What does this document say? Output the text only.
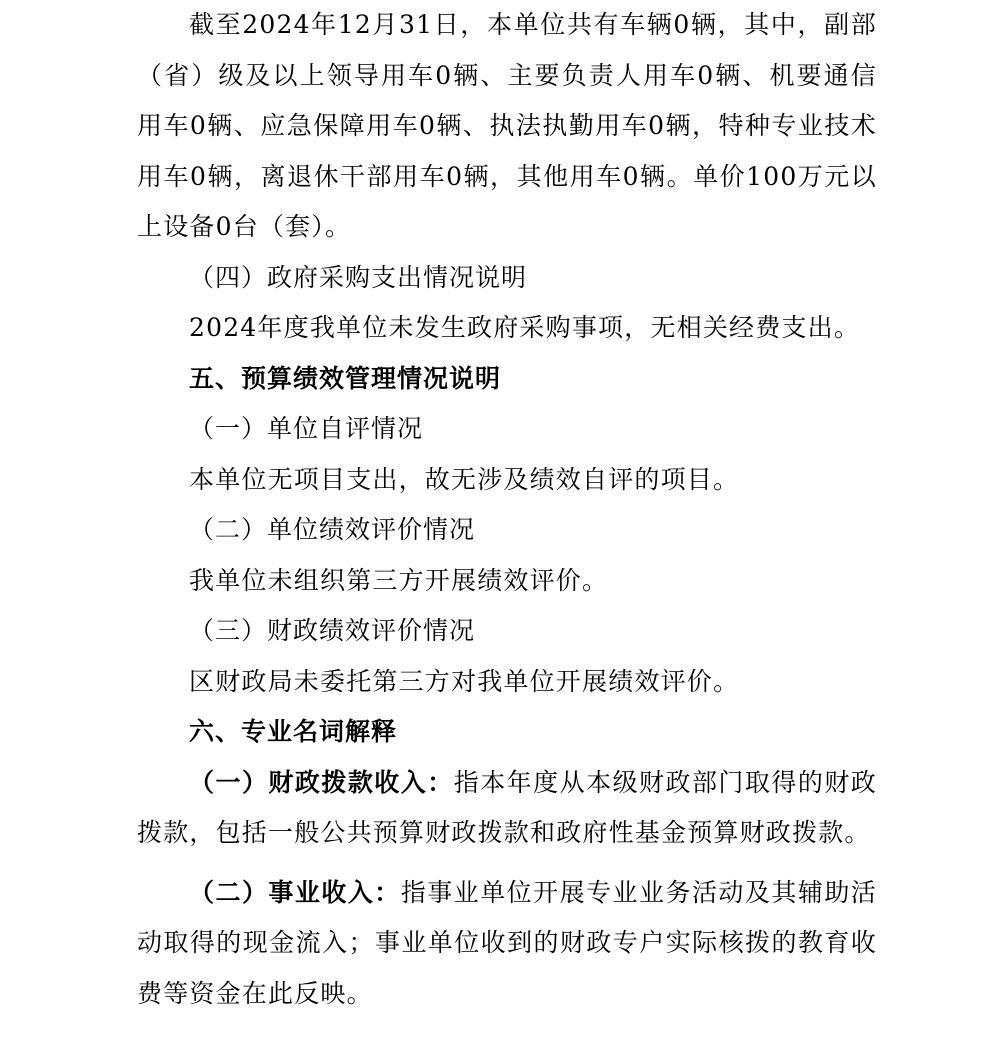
截至2024年12月31日，本单位共有车辆0辆，其中，副部（省）级及以上领导用车0辆、主要负责人用车0辆、机要通信用车0辆、应急保障用车0辆、执法执勤用车0辆，特种专业技术用车0辆，离退休干部用车0辆，其他用车0辆。单价100万元以上设备0台（套）。

（四）政府采购支出情况说明

2024年度我单位未发生政府采购事项，无相关经费支出。

五、预算绩效管理情况说明

（一）单位自评情况

本单位无项目支出，故无涉及绩效自评的项目。

（二）单位绩效评价情况

我单位未组织第三方开展绩效评价。

（三）财政绩效评价情况

区财政局未委托第三方对我单位开展绩效评价。

六、专业名词解释

（一）财政拨款收入：指本年度从本级财政部门取得的财政拨款，包括一般公共预算财政拨款和政府性基金预算财政拨款。

（二）事业收入：指事业单位开展专业业务活动及其辅助活动取得的现金流入；事业单位收到的财政专户实际核拨的教育收费等资金在此反映。
